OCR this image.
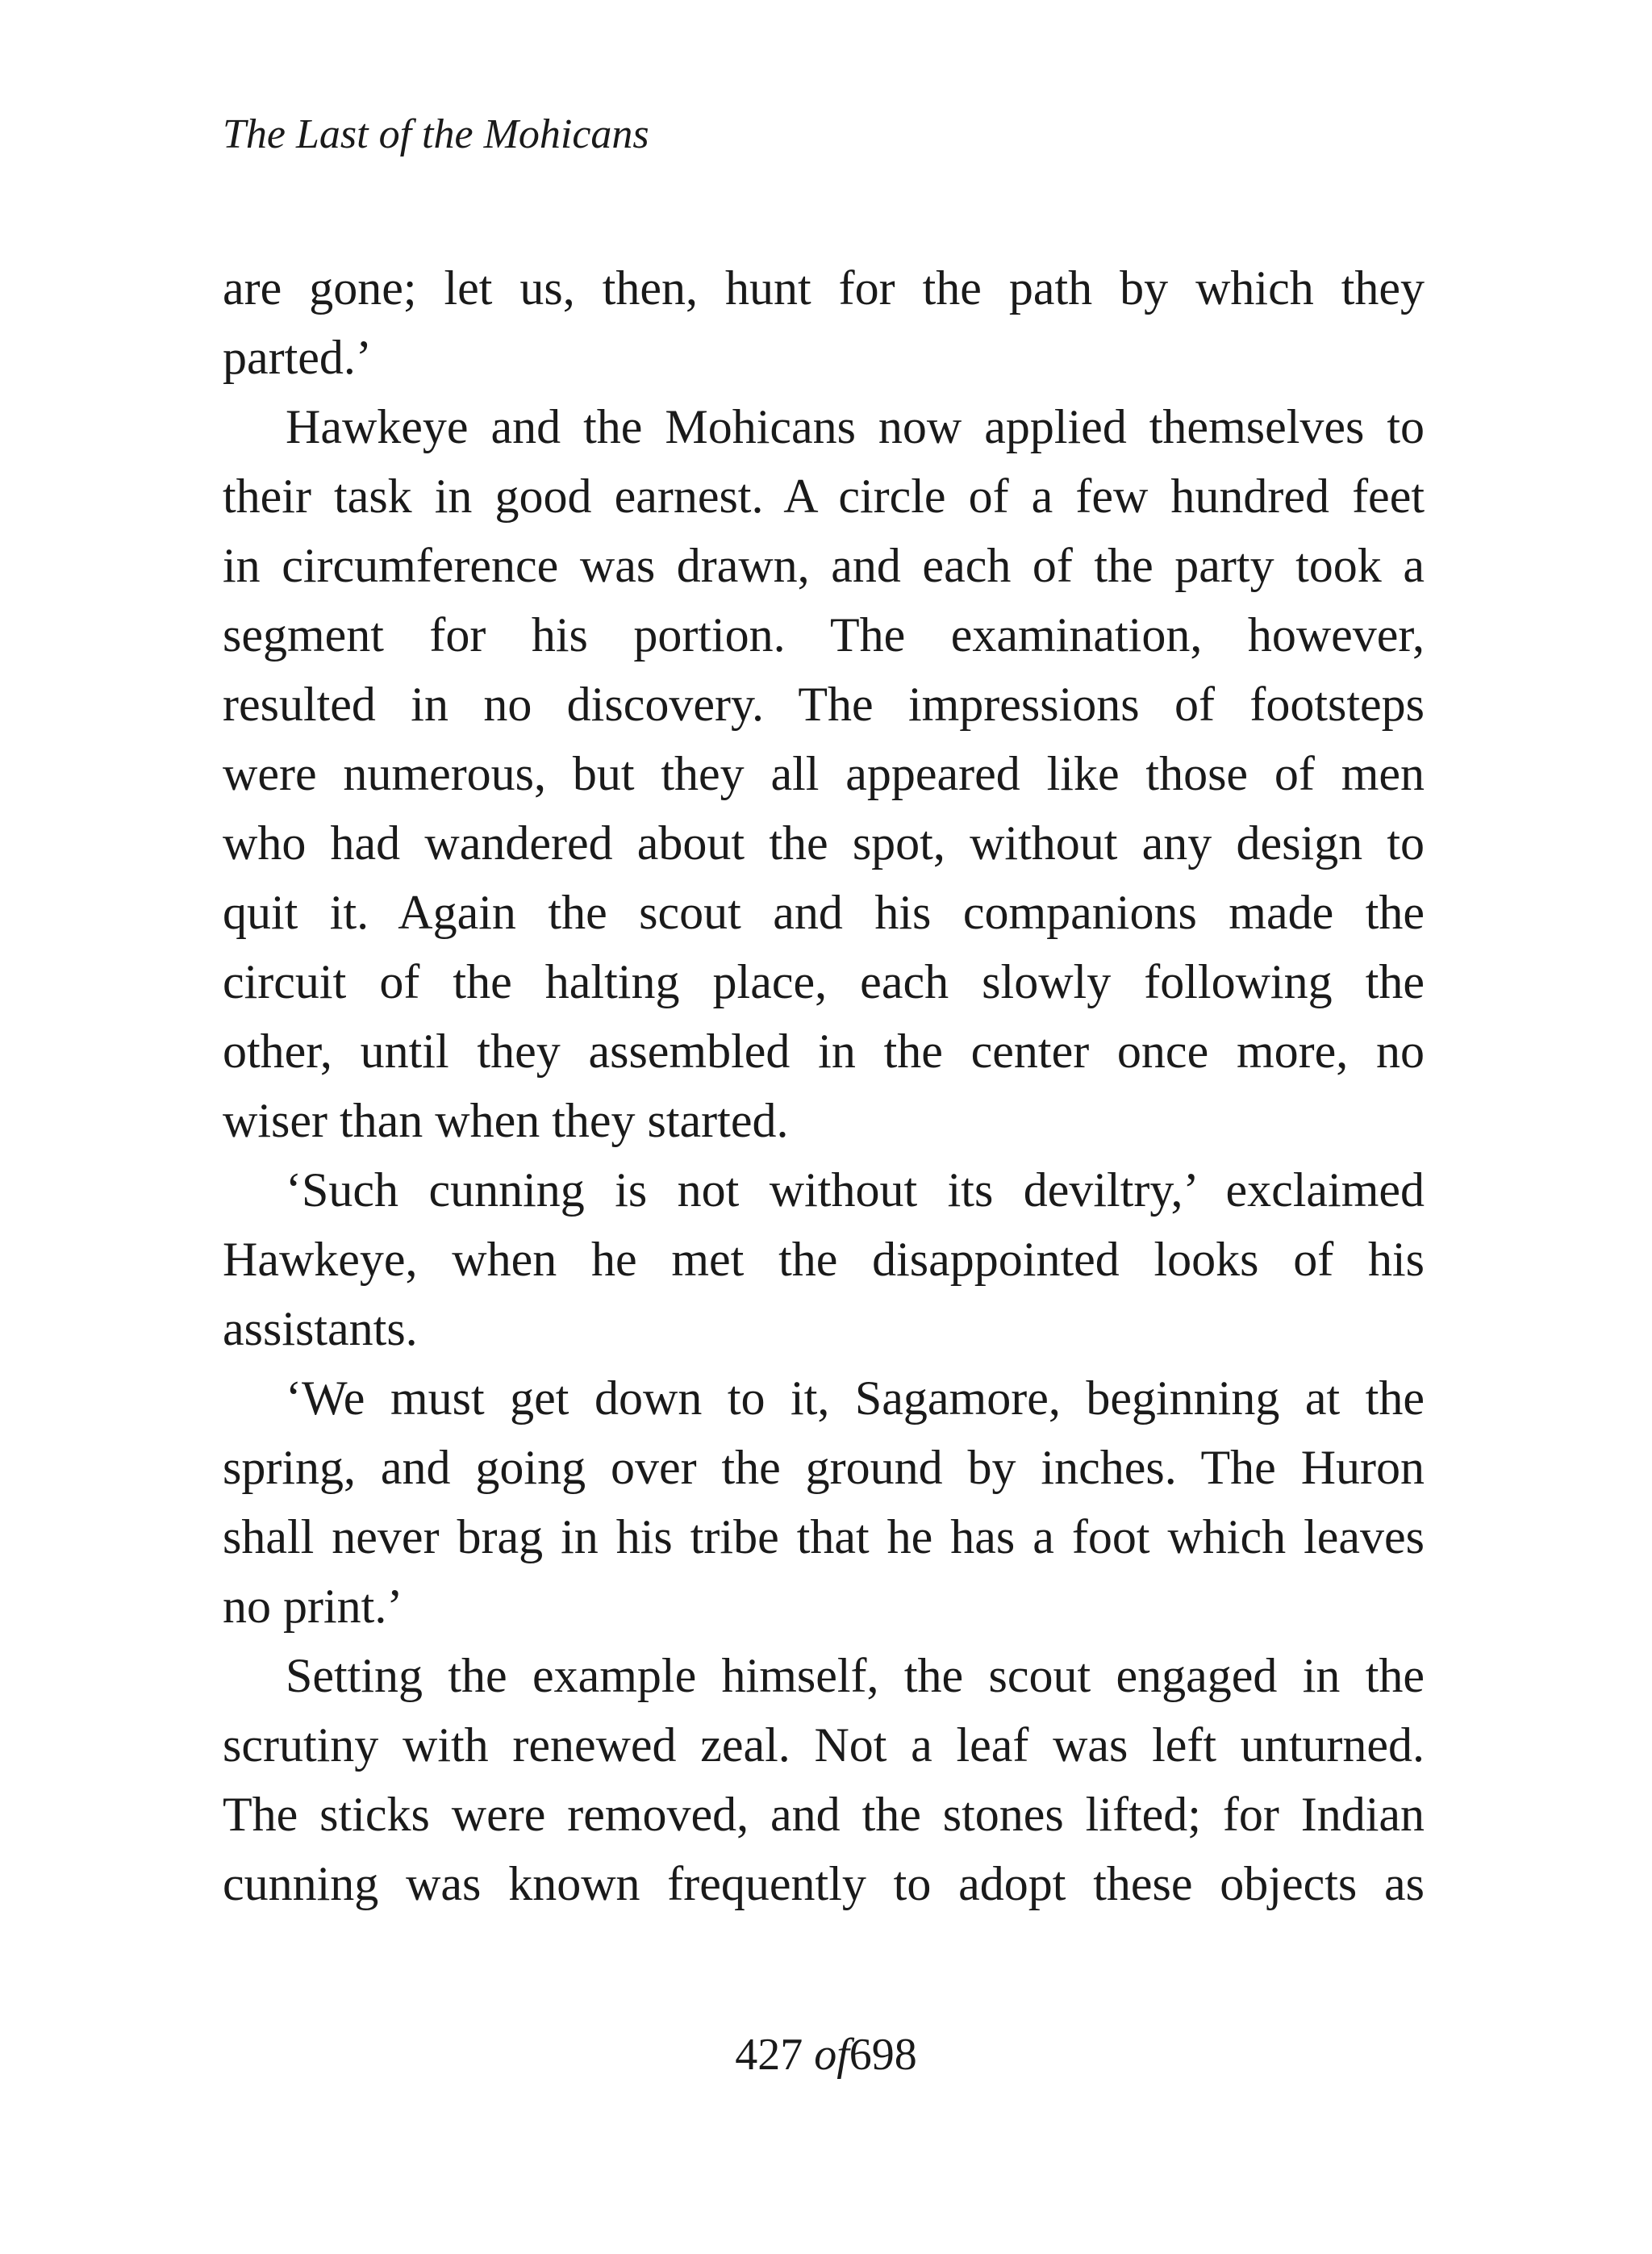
The Last of the Mohicans
are gone; let us, then, hunt for the path by which they
parted.’
Hawkeye and the Mohicans now applied themselves to
their task in good earnest. A circle of a few hundred feet
in circumference was drawn, and each of the party took a
segment for his portion. The examination, however,
resulted in no discovery. The impressions of footsteps
were numerous, but they all appeared like those of men
who had wandered about the spot, without any design to
quit it. Again the scout and his companions made the
circuit of the halting place, each slowly following the
other, until they assembled in the center once more, no
wiser than when they started.
‘Such cunning is not without its deviltry,’ exclaimed
Hawkeye, when he met the disappointed looks of his
assistants.
‘We must get down to it, Sagamore, beginning at the
spring, and going over the ground by inches. The Huron
shall never brag in his tribe that he has a foot which leaves
no print.’
Setting the example himself, the scout engaged in the
scrutiny with renewed zeal. Not a leaf was left unturned.
The sticks were removed, and the stones lifted; for Indian
cunning was known frequently to adopt these objects as
427 of698
